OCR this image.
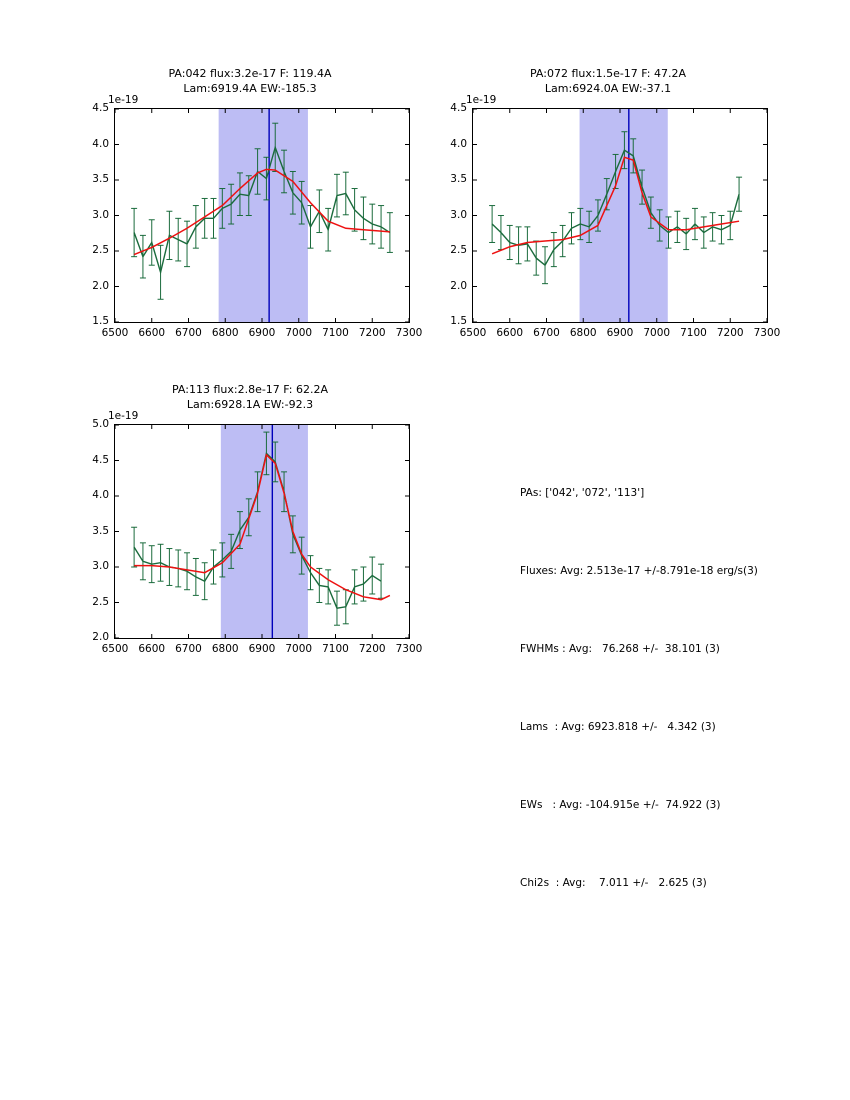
PA:042 flux:3.2e-17 F: 119.4A
Lam:6919.4A EW:-185.3
1e-19
6500 6600 6700 6800 6900 7000 7100 7200 7300
1.5
2.0
2.5
3.0
3.5
4.0
4.5
PA:072 flux:1.5e-17 F: 47.2A
Lam:6924.0A EW:-37.1
1e-19
6500 6600 6700 6800 6900 7000 7100 7200 7300
1.5
2.0
2.5
3.0
3.5
4.0
4.5
PA:113 flux:2.8e-17 F: 62.2A
Lam:6928.1A EW:-92.3
1e-19
6500 6600 6700 6800 6900 7000 7100 7200 7300
2.0
2.5
3.0
3.5
4.0
4.5
5.0

PAs: ['042', '072', '113']

Fluxes: Avg: 2.513e-17 +/-8.791e-18 erg/s(3)

FWHMs : Avg:   76.268 +/-  38.101 (3)

Lams  : Avg: 6923.818 +/-   4.342 (3)

EWs   : Avg: -104.915e +/-  74.922 (3)

Chi2s  : Avg:    7.011 +/-   2.625 (3)
